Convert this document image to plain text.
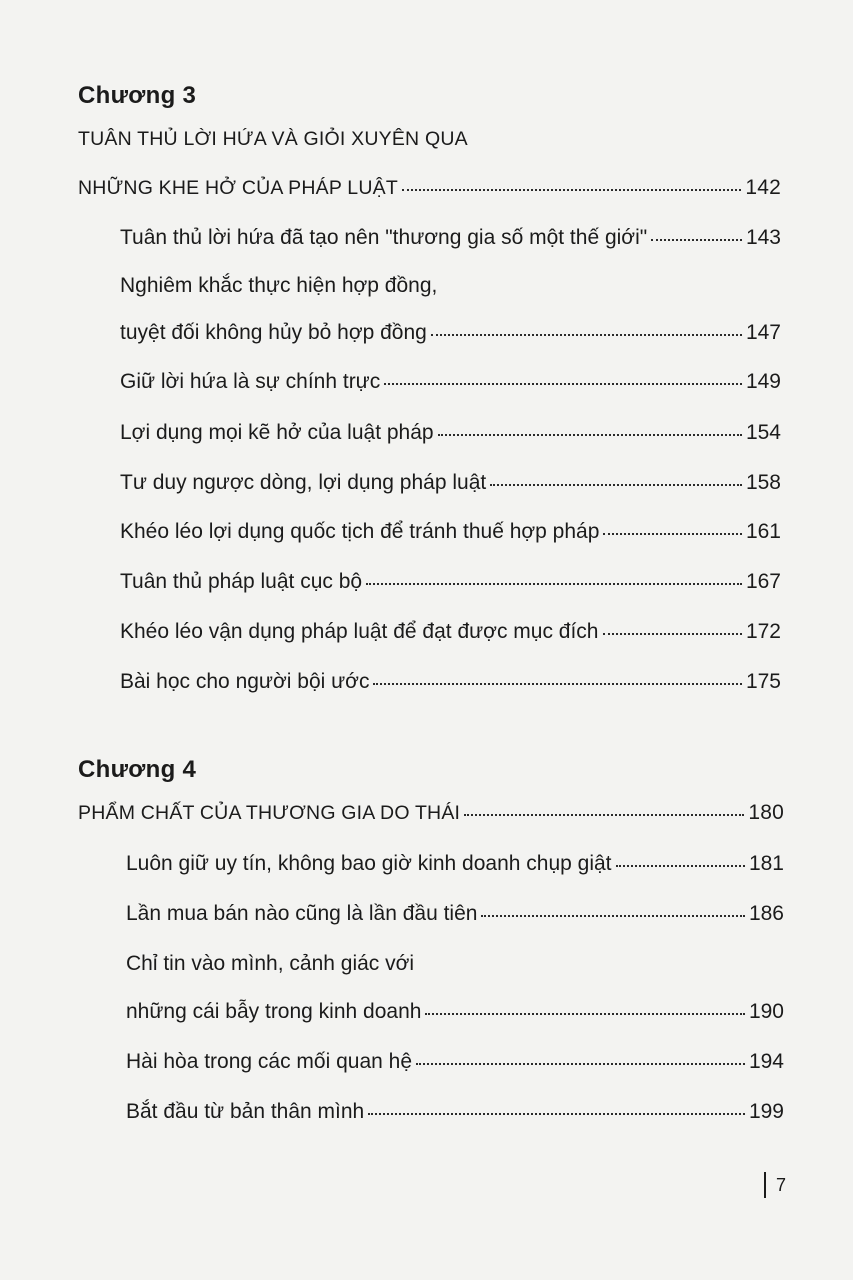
Chương 3
TUÂN THỦ LỜI HỨA VÀ GIỎI XUYÊN QUA
NHỮNG KHE HỞ CỦA PHÁP LUẬT	142
Tuân thủ lời hứa đã tạo nên "thương gia số một thế giới"	143
Nghiêm khắc thực hiện hợp đồng,
tuyệt đối không hủy bỏ hợp đồng	147
Giữ lời hứa là sự chính trực	149
Lợi dụng mọi kẽ hở của luật pháp	154
Tư duy ngược dòng, lợi dụng pháp luật	158
Khéo léo lợi dụng quốc tịch để tránh thuế hợp pháp	161
Tuân thủ pháp luật cục bộ	167
Khéo léo vận dụng pháp luật để đạt được mục đích	172
Bài học cho người bội ước	175
Chương 4
PHẨM CHẤT CỦA THƯƠNG GIA DO THÁI	180
Luôn giữ uy tín, không bao giờ kinh doanh chụp giật	181
Lần mua bán nào cũng là lần đầu tiên	186
Chỉ tin vào mình, cảnh giác với
những cái bẫy trong kinh doanh	190
Hài hòa trong các mối quan hệ	194
Bắt đầu từ bản thân mình	199
7
